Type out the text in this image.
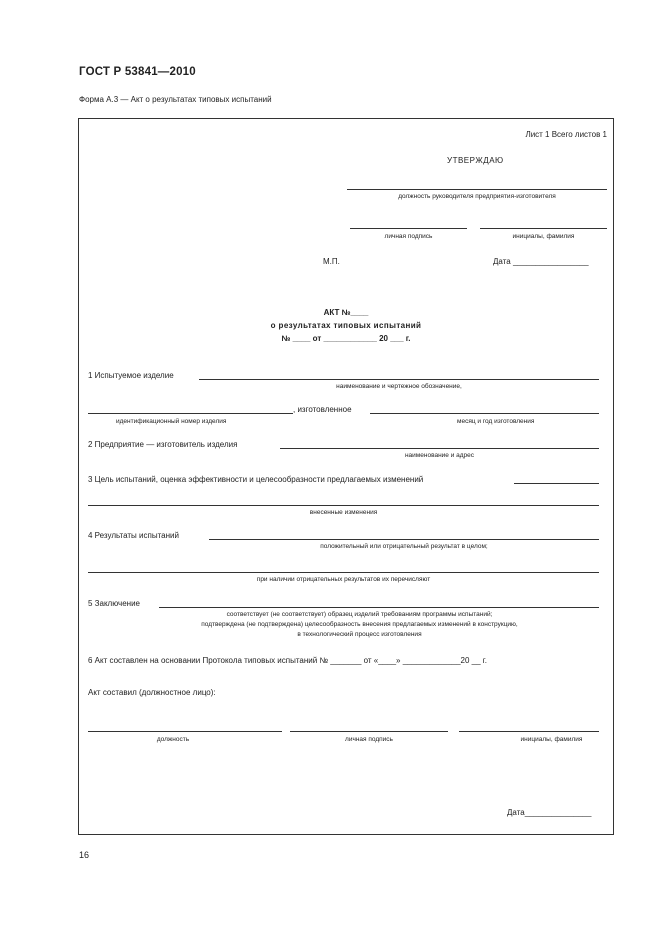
ГОСТ Р 53841—2010
Форма А.3 — Акт о результатах типовых испытаний
Лист 1 Всего листов 1
УТВЕРЖДАЮ
должность руководителя предприятия-изготовителя
личная подпись	инициалы, фамилия
М.П.	Дата _________________
АКТ №____
о результатах типовых испытаний
№ ____ от ____________ 20 ___ г.
1 Испытуемое изделие
наименование и чертежное обозначение,
, изготовленное
идентификационный номер изделия	месяц и год изготовления
2 Предприятие — изготовитель изделия
наименование и адрес
3 Цель испытаний, оценка эффективности и целесообразности предлагаемых изменений
внесенные изменения
4 Результаты испытаний
положительный или отрицательный результат в целом;
при наличии отрицательных результатов их перечисляют
5 Заключение
соответствует (не соответствует) образец изделий требованиям программы испытаний;
подтверждена (не подтверждена) целесообразность внесения предлагаемых изменений в конструкцию,
в технологический процесс изготовления
6 Акт составлен на основании Протокола типовых испытаний № _______ от «____» _____________20 __ г.
Акт составил (должностное лицо):
должность	личная подпись	инициалы, фамилия
Дата_______________
16
